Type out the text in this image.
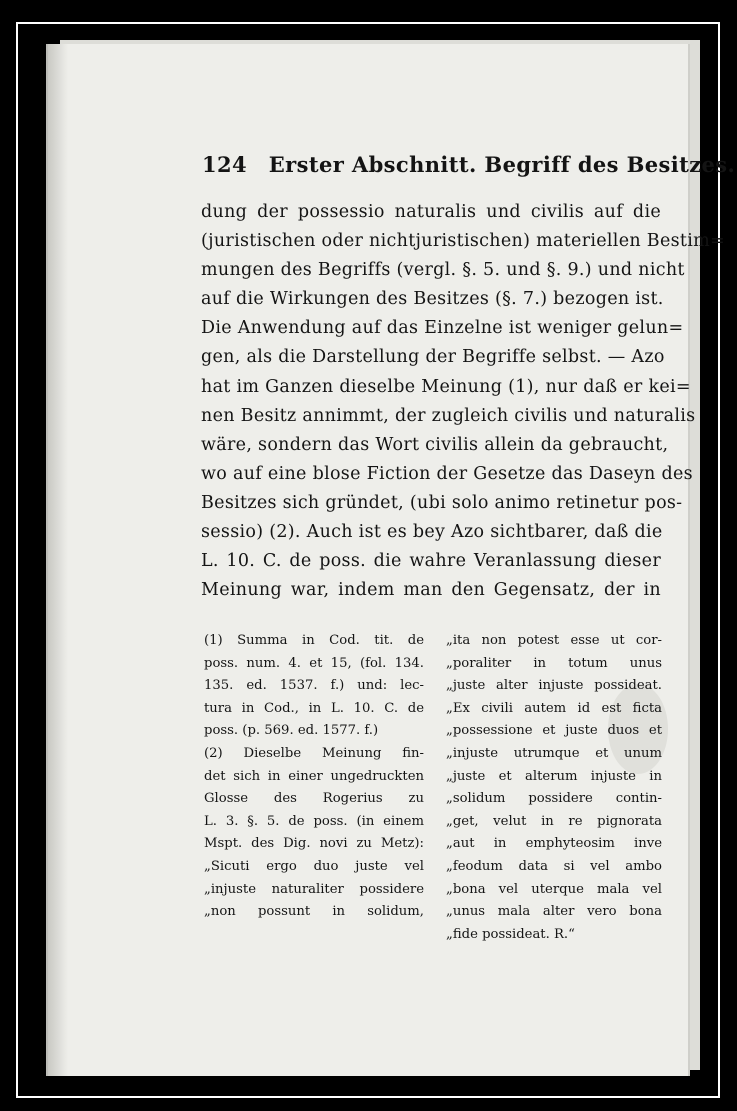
124 Erster Abschnitt. Begriff des Besitzes.
dung der possessio naturalis und civilis auf die
(juristischen oder nichtjuristischen) materiellen Bestim=
mungen des Begriffs (vergl. §. 5. und §. 9.) und nicht
auf die Wirkungen des Besitzes (§. 7.) bezogen ist.
Die Anwendung auf das Einzelne ist weniger gelun=
gen, als die Darstellung der Begriffe selbst. — Azo
hat im Ganzen dieselbe Meinung (1), nur daß er kei=
nen Besitz annimmt, der zugleich civilis und naturalis
wäre, sondern das Wort civilis allein da gebraucht,
wo auf eine blose Fiction der Gesetze das Daseyn des
Besitzes sich gründet, (ubi solo animo retinetur pos-
sessio) (2). Auch ist es bey Azo sichtbarer, daß die
L. 10. C. de poss. die wahre Veranlassung dieser
Meinung war, indem man den Gegensatz, der in
(1) Summa in Cod. tit. de
poss. num. 4. et 15, (fol. 134.
135. ed. 1537. f.) und: lec-
tura in Cod., in L. 10. C. de
poss. (p. 569. ed. 1577. f.)
(2) Dieselbe Meinung fin-
det sich in einer ungedruckten
Glosse des Rogerius zu
L. 3. §. 5. de poss. (in einem
Mspt. des Dig. novi zu Metz):
„Sicuti ergo duo juste vel
„injuste naturaliter possidere
„non possunt in solidum,
„ita non potest esse ut cor-
„poraliter in totum unus
„juste alter injuste possideat.
„Ex civili autem id est ficta
„possessione et juste duos et
„injuste utrumque et unum
„juste et alterum injuste in
„solidum possidere contin-
„get, velut in re pignorata
„aut in emphyteosim inve
„feodum data si vel ambo
„bona vel uterque mala vel
„unus mala alter vero bona
„fide possideat. R.“
